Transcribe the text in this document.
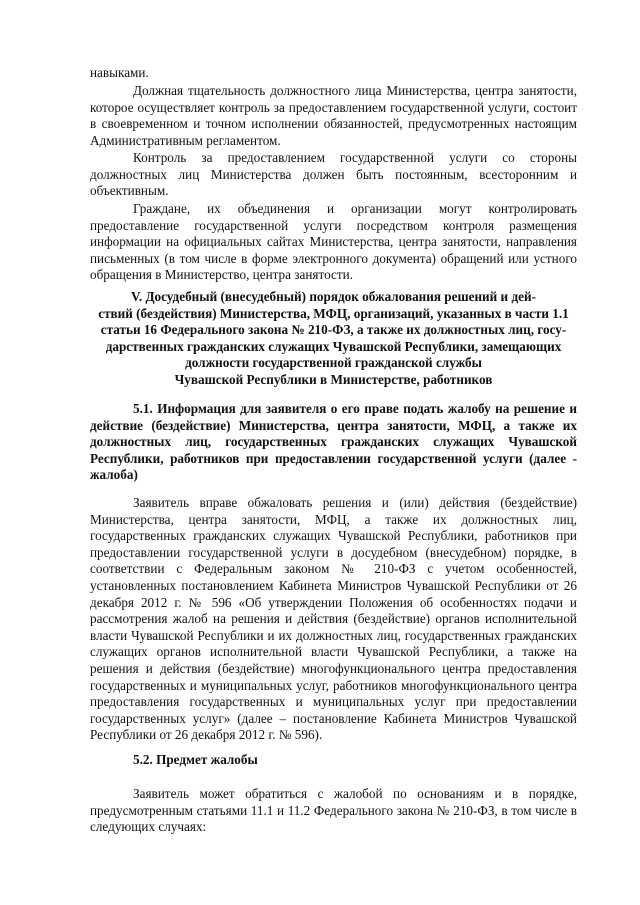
навыками.

Должная тщательность должностного лица Министерства, центра занятости, которое осуществляет контроль за предоставлением государственной услуги, состоит в своевременном и точном исполнении обязанностей, предусмотренных настоящим Административным регламентом.

Контроль за предоставлением государственной услуги со стороны должностных лиц Министерства должен быть постоянным, всесторонним и объективным.

Граждане, их объединения и организации могут контролировать предоставление государственной услуги посредством контроля размещения информации на официальных сайтах Министерства, центра занятости, направления письменных (в том числе в форме электронного документа) обращений или устного обращения в Министерство, центра занятости.

V. Досудебный (внесудебный) порядок обжалования решений и дей-
ствий (бездействия) Министерства, МФЦ, организаций, указанных в части 1.1
статьи 16 Федерального закона № 210-ФЗ, а также их должностных лиц, госу-
дарственных гражданских служащих Чувашской Республики, замещающих
должности государственной гражданской службы
Чувашской Республики в Министерстве, работников

5.1. Информация для заявителя о его праве подать жалобу на решение и действие (бездействие) Министерства, центра занятости, МФЦ, а также их должностных лиц, государственных гражданских служащих Чувашской Республики, работников при предоставлении государственной услуги (далее - жалоба)

Заявитель вправе обжаловать решения и (или) действия (бездействие) Министерства, центра занятости, МФЦ, а также их должностных лиц, государственных гражданских служащих Чувашской Республики, работников при предоставлении государственной услуги в досудебном (внесудебном) порядке, в соответствии с Федеральным законом № 210-ФЗ с учетом особенностей, установленных постановлением Кабинета Министров Чувашской Республики от 26 декабря 2012 г. № 596 «Об утверждении Положения об особенностях подачи и рассмотрения жалоб на решения и действия (бездействие) органов исполнительной власти Чувашской Республики и их должностных лиц, государственных гражданских служащих органов исполнительной власти Чувашской Республики, а также на решения и действия (бездействие) многофункционального центра предоставления государственных и муниципальных услуг, работников многофункционального центра предоставления государственных и муниципальных услуг при предоставлении государственных услуг» (далее – постановление Кабинета Министров Чувашской Республики от 26 декабря 2012 г. № 596).

5.2. Предмет жалобы

Заявитель может обратиться с жалобой по основаниям и в порядке, предусмотренным статьями 11.1 и 11.2 Федерального закона № 210-ФЗ, в том числе в следующих случаях:
